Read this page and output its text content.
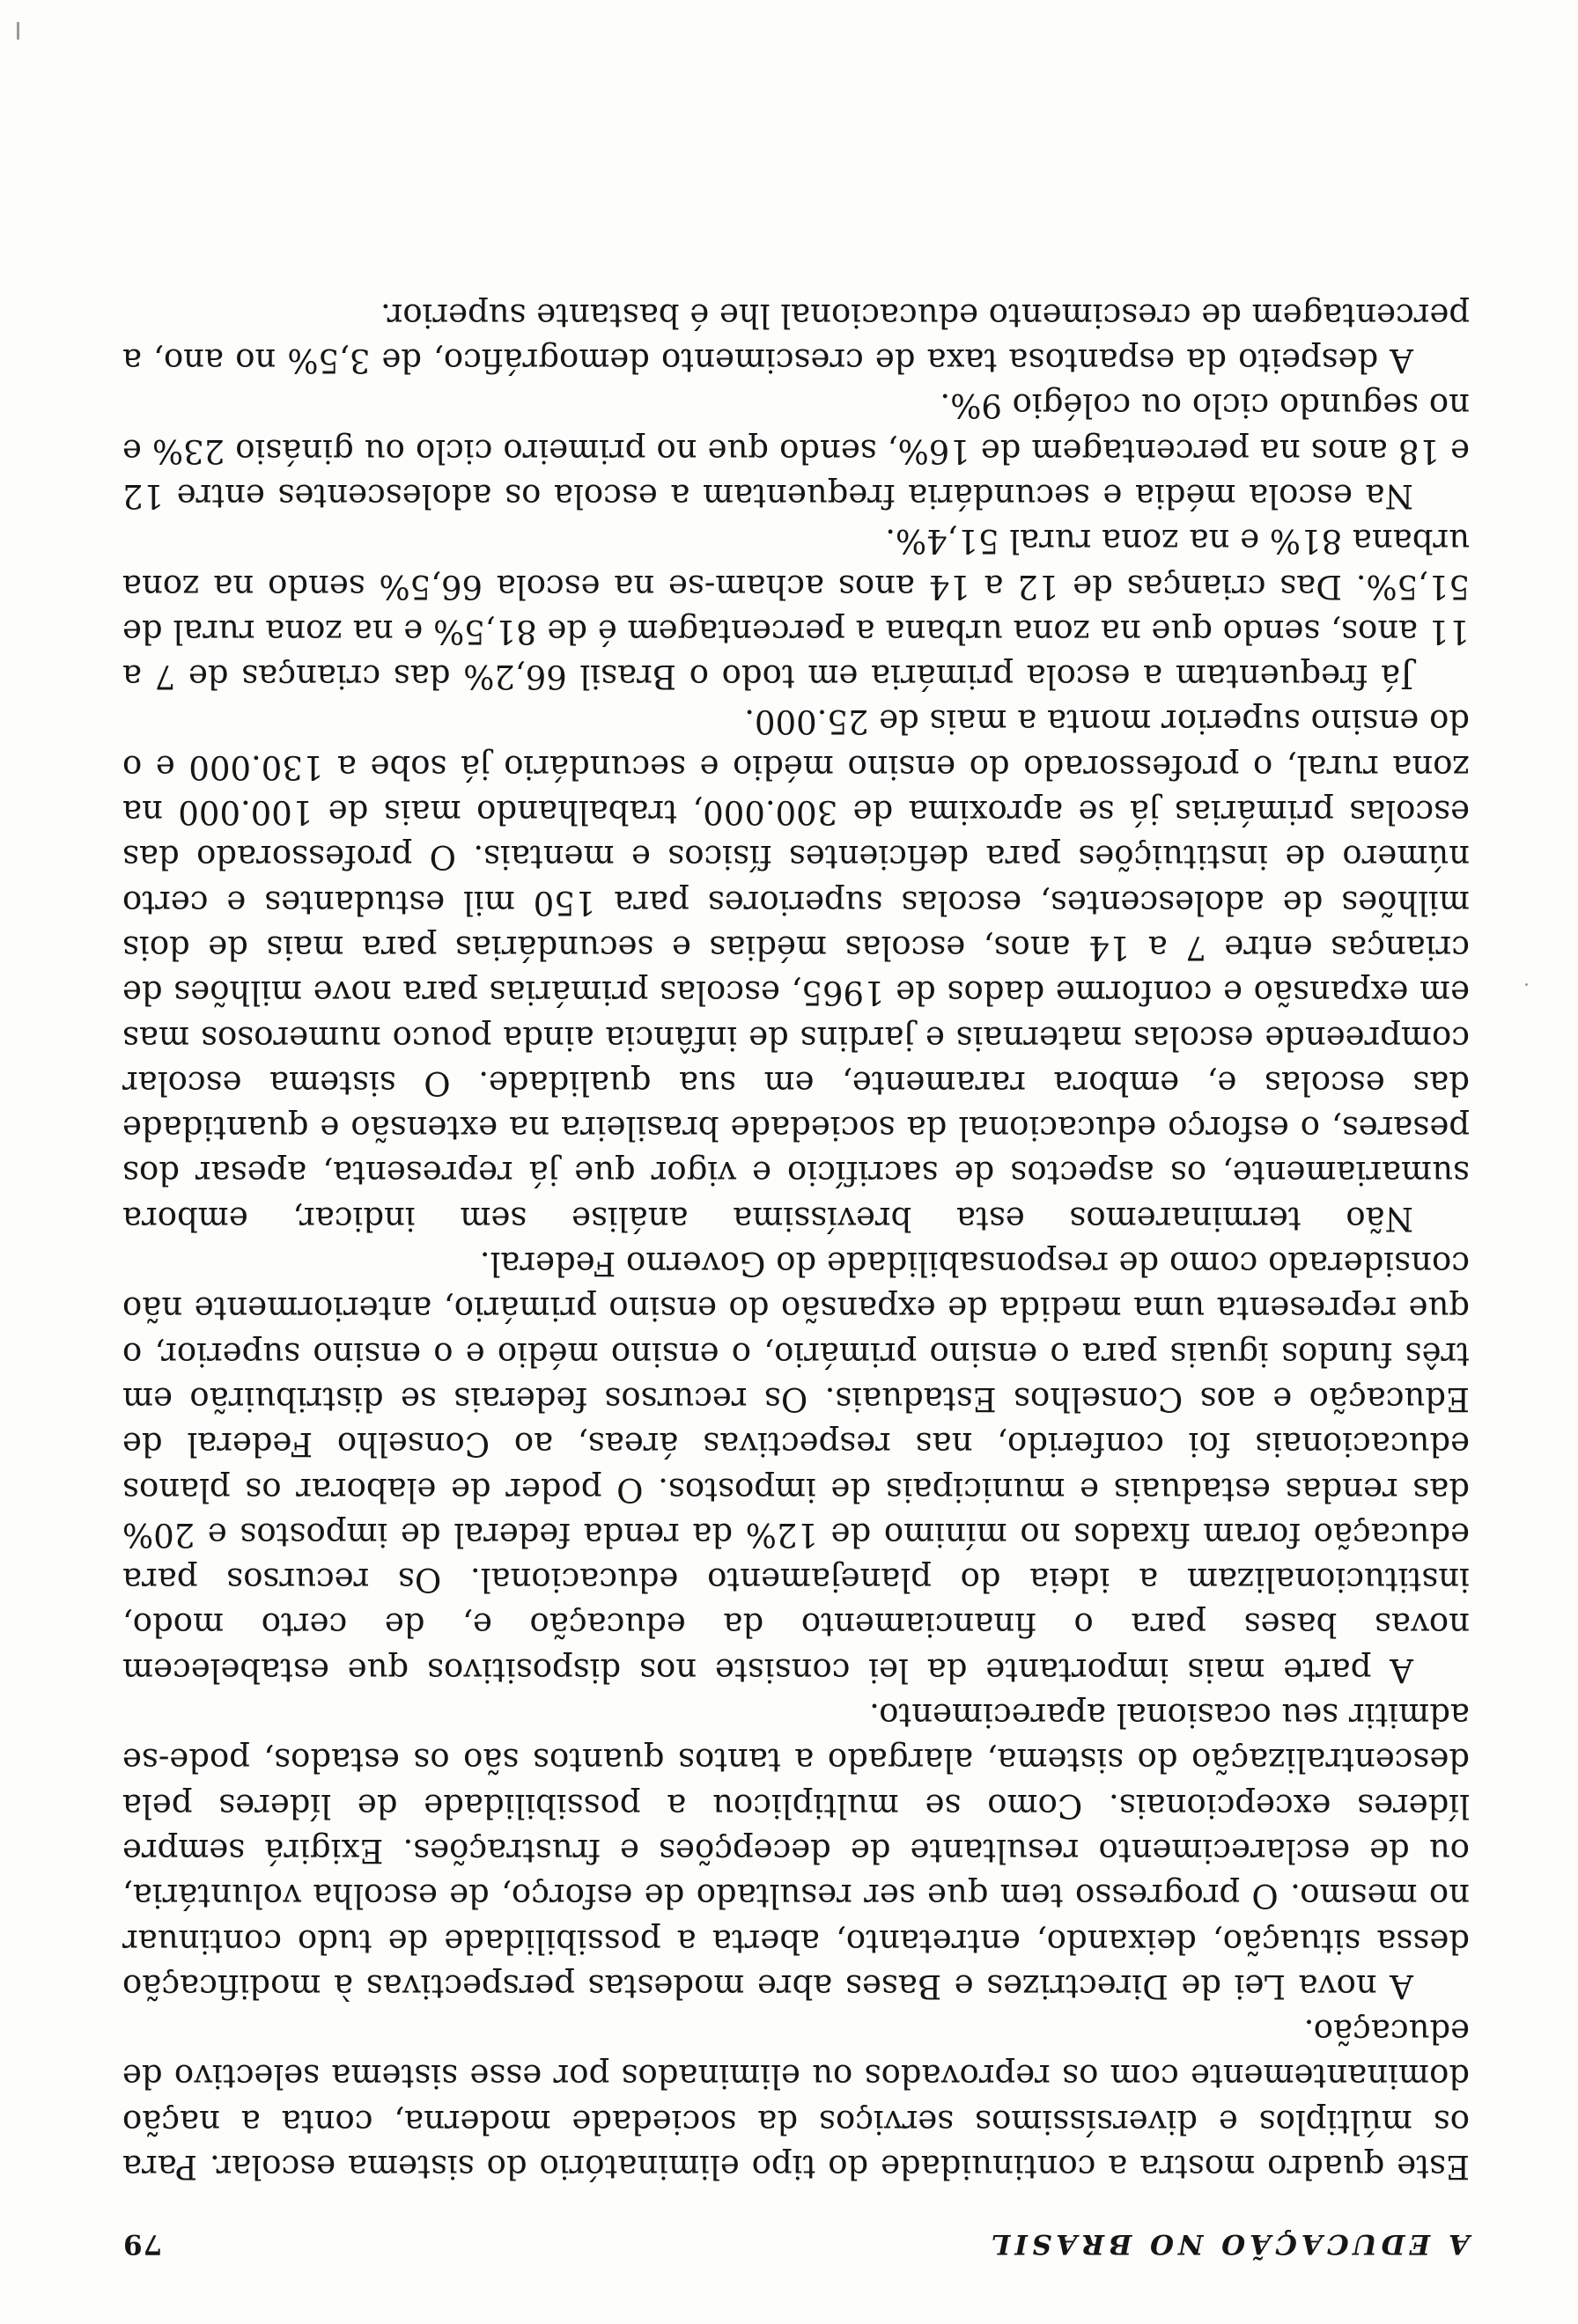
A EDUCAÇÃO NO BRASIL
79

Este quadro mostra a continuidade do tipo eliminatório do sistema escolar. Para os múltiplos e diversíssimos serviços da sociedade moderna, conta a nação dominantemente com os reprovados ou eliminados por esse sistema selectivo de educação.

A nova Lei de Directrizes e Bases abre modestas perspectivas à modificação dessa situação, deixando, entretanto, aberta a possibilidade de tudo continuar no mesmo. O progresso tem que ser resultado de esforço, de escolha voluntária, ou de esclarecimento resultante de decepções e frustrações. Exigirá sempre líderes excepcionais. Como se multiplicou a possibilidade de líderes pela descentralização do sistema, alargado a tantos quantos são os estados, pode-se admitir seu ocasional aparecimento.

A parte mais importante da lei consiste nos dispositivos que estabelecem novas bases para o financiamento da educação e, de certo modo, institucionalizam a ideia do planejamento educacional. Os recursos para educação foram fixados no mínimo de 12% da renda federal de impostos e 20% das rendas estaduais e municipais de impostos. O poder de elaborar os planos educacionais foi conferido, nas respectivas áreas, ao Conselho Federal de Educação e aos Conselhos Estaduais. Os recursos federais se distribuirão em três fundos iguais para o ensino primário, o ensino médio e o ensino superior, o que representa uma medida de expansão do ensino primário, anteriormente não considerado como de responsabilidade do Governo Federal.

Não terminaremos esta brevíssima análise sem indicar, embora sumariamente, os aspectos de sacrifício e vigor que já representa, apesar dos pesares, o esforço educacional da sociedade brasileira na extensão e quantidade das escolas e, embora raramente, em sua qualidade. O sistema escolar compreende escolas maternais e jardins de infância ainda pouco numerosos mas em expansão e conforme dados de 1965, escolas primárias para nove milhões de crianças entre 7 a 14 anos, escolas médias e secundárias para mais de dois milhões de adolescentes, escolas superiores para 150 mil estudantes e certo número de instituições para deficientes físicos e mentais. O professorado das escolas primárias já se aproxima de 300.000, trabalhando mais de 100.000 na zona rural, o professorado do ensino médio e secundário já sobe a 130.000 e o do ensino superior monta a mais de 25.000.

Já frequentam a escola primária em todo o Brasil 66,2% das crianças de 7 a 11 anos, sendo que na zona urbana a percentagem é de 81,5% e na zona rural de 51,5%. Das crianças de 12 a 14 anos acham-se na escola 66,5% sendo na zona urbana 81% e na zona rural 51,4%.

Na escola média e secundária frequentam a escola os adolescentes entre 12 e 18 anos na percentagem de 16%, sendo que no primeiro ciclo ou ginásio 23% e no segundo ciclo ou colégio 9%.

A despeito da espantosa taxa de crescimento demográfico, de 3,5% no ano, a percentagem de crescimento educacional lhe é bastante superior.
